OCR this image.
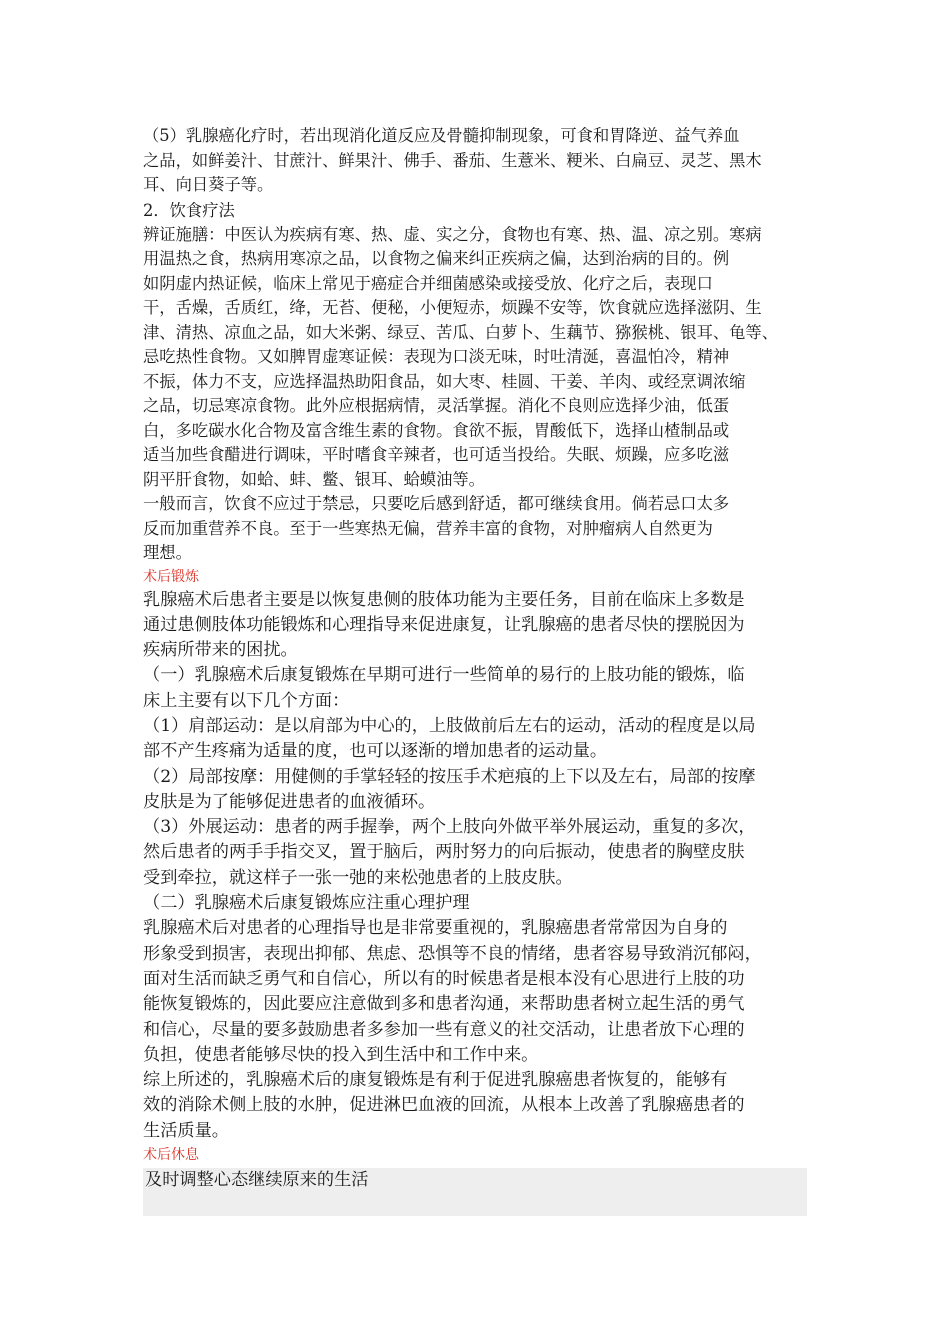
（5）乳腺癌化疗时，若出现消化道反应及骨髓抑制现象，可食和胃降逆、益气养血
之品，如鲜姜汁、甘蔗汁、鲜果汁、佛手、番茄、生薏米、粳米、白扁豆、灵芝、黑木
耳、向日葵子等。

2．饮食疗法

辨证施膳：中医认为疾病有寒、热、虚、实之分，食物也有寒、热、温、凉之别。寒病
用温热之食，热病用寒凉之品，以食物之偏来纠正疾病之偏，达到治病的目的。例
如阴虚内热证候，临床上常见于癌症合并细菌感染或接受放、化疗之后，表现口
干，舌燥，舌质红，绛，无苔、便秘，小便短赤，烦躁不安等，饮食就应选择滋阴、生
津、清热、凉血之品，如大米粥、绿豆、苦瓜、白萝卜、生藕节、猕猴桃、银耳、龟等、
忌吃热性食物。又如脾胃虚寒证候：表现为口淡无味，时吐清涎，喜温怕冷，精神
不振，体力不支，应选择温热助阳食品，如大枣、桂圆、干姜、羊肉、或经烹调浓缩
之品，切忌寒凉食物。此外应根据病情，灵活掌握。消化不良则应选择少油，低蛋
白，多吃碳水化合物及富含维生素的食物。食欲不振，胃酸低下，选择山楂制品或
适当加些食醋进行调味，平时嗜食辛辣者，也可适当投给。失眠、烦躁，应多吃滋
阴平肝食物，如蛤、蚌、鳖、银耳、蛤蟆油等。

一般而言，饮食不应过于禁忌，只要吃后感到舒适，都可继续食用。倘若忌口太多
反而加重营养不良。至于一些寒热无偏，营养丰富的食物，对肿瘤病人自然更为
理想。

术后锻炼

乳腺癌术后患者主要是以恢复患侧的肢体功能为主要任务，目前在临床上多数是
通过患侧肢体功能锻炼和心理指导来促进康复，让乳腺癌的患者尽快的摆脱因为
疾病所带来的困扰。

（一）乳腺癌术后康复锻炼在早期可进行一些简单的易行的上肢功能的锻炼，临
床上主要有以下几个方面：

（1）肩部运动：是以肩部为中心的，上肢做前后左右的运动，活动的程度是以局
部不产生疼痛为适量的度，也可以逐渐的增加患者的运动量。

（2）局部按摩：用健侧的手掌轻轻的按压手术疤痕的上下以及左右，局部的按摩
皮肤是为了能够促进患者的血液循环。

（3）外展运动：患者的两手握拳，两个上肢向外做平举外展运动，重复的多次，
然后患者的两手手指交叉，置于脑后，两肘努力的向后振动，使患者的胸壁皮肤
受到牵拉，就这样子一张一弛的来松弛患者的上肢皮肤。

（二）乳腺癌术后康复锻炼应注重心理护理

乳腺癌术后对患者的心理指导也是非常要重视的，乳腺癌患者常常因为自身的
形象受到损害，表现出抑郁、焦虑、恐惧等不良的情绪，患者容易导致消沉郁闷，
面对生活而缺乏勇气和自信心，所以有的时候患者是根本没有心思进行上肢的功
能恢复锻炼的，因此要应注意做到多和患者沟通，来帮助患者树立起生活的勇气
和信心，尽量的要多鼓励患者多参加一些有意义的社交活动，让患者放下心理的
负担，使患者能够尽快的投入到生活中和工作中来。

综上所述的，乳腺癌术后的康复锻炼是有利于促进乳腺癌患者恢复的，能够有
效的消除术侧上肢的水肿，促进淋巴血液的回流，从根本上改善了乳腺癌患者的
生活质量。

术后休息

及时调整心态继续原来的生活
